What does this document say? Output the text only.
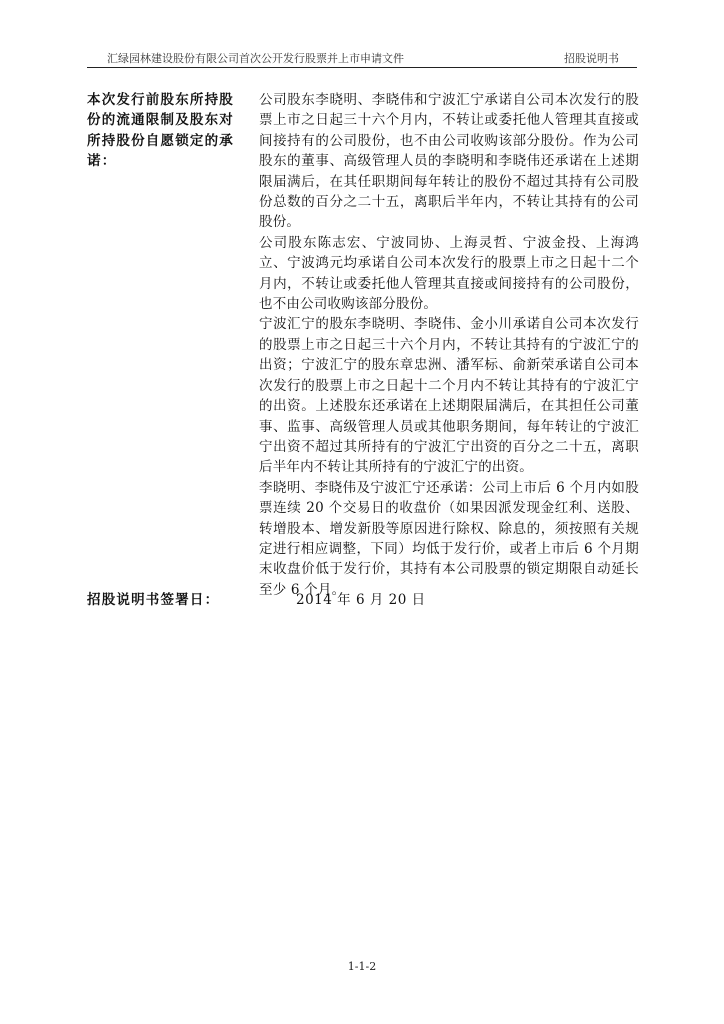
汇绿园林建设股份有限公司首次公开发行股票并上市申请文件	招股说明书
本次发行前股东所持股份的流通限制及股东对所持股份自愿锁定的承诺：

公司股东李晓明、李晓伟和宁波汇宁承诺自公司本次发行的股票上市之日起三十六个月内，不转让或委托他人管理其直接或间接持有的公司股份，也不由公司收购该部分股份。作为公司股东的董事、高级管理人员的李晓明和李晓伟还承诺在上述期限届满后，在其任职期间每年转让的股份不超过其持有公司股份总数的百分之二十五，离职后半年内，不转让其持有的公司股份。

公司股东陈志宏、宁波同协、上海灵哲、宁波金投、上海鸿立、宁波鸿元均承诺自公司本次发行的股票上市之日起十二个月内，不转让或委托他人管理其直接或间接持有的公司股份，也不由公司收购该部分股份。

宁波汇宁的股东李晓明、李晓伟、金小川承诺自公司本次发行的股票上市之日起三十六个月内，不转让其持有的宁波汇宁的出资；宁波汇宁的股东章忠洲、潘军标、俞新荣承诺自公司本次发行的股票上市之日起十二个月内不转让其持有的宁波汇宁的出资。上述股东还承诺在上述期限届满后，在其担任公司董事、监事、高级管理人员或其他职务期间，每年转让的宁波汇宁出资不超过其所持有的宁波汇宁出资的百分之二十五，离职后半年内不转让其所持有的宁波汇宁的出资。

李晓明、李晓伟及宁波汇宁还承诺：公司上市后 6 个月内如股票连续 20 个交易日的收盘价（如果因派发现金红利、送股、转增股本、增发新股等原因进行除权、除息的，须按照有关规定进行相应调整，下同）均低于发行价，或者上市后 6 个月期末收盘价低于发行价，其持有本公司股票的锁定期限自动延长至少 6 个月。

招股说明书签署日：	2014 年 6 月 20 日
1-1-2
